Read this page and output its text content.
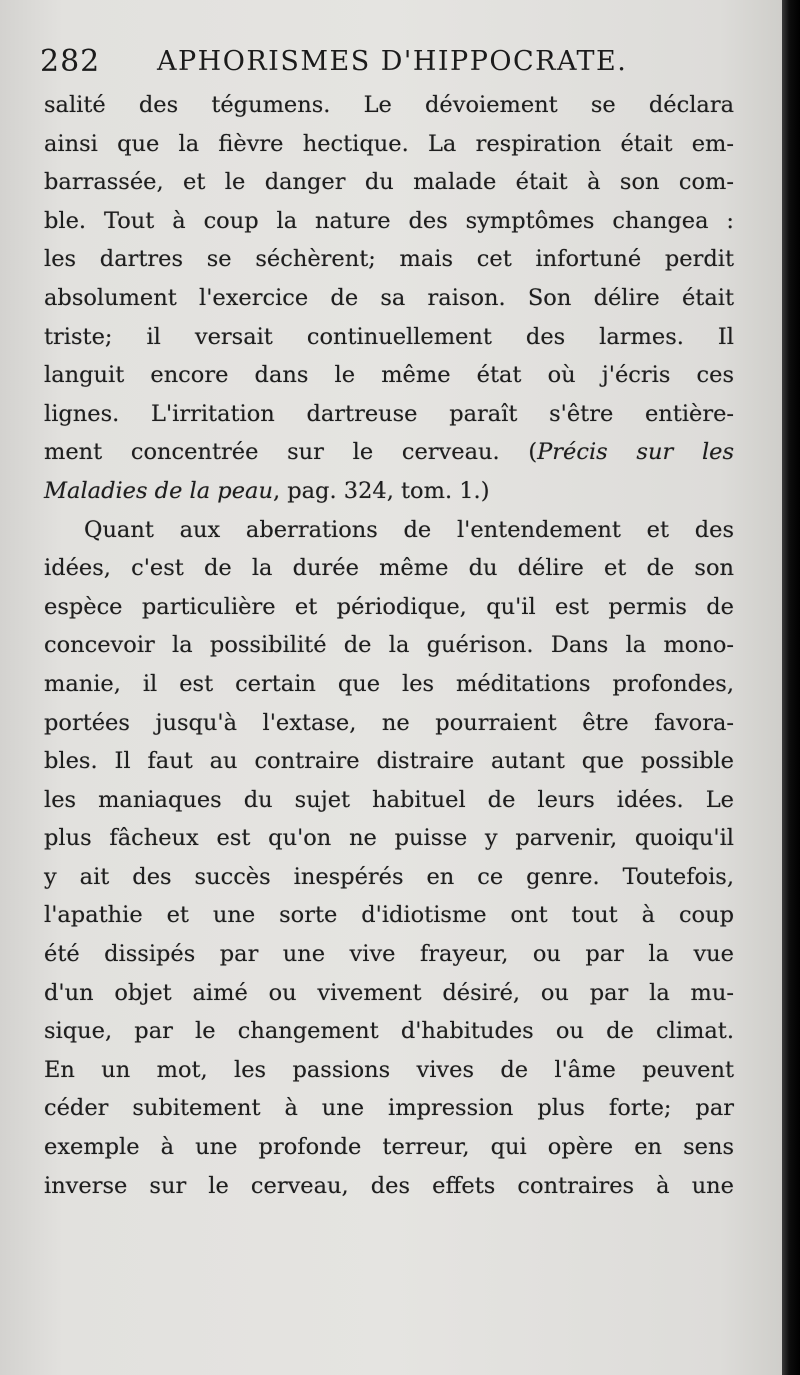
282 APHORISMES D'HIPPOCRATE.
salité des tégumens. Le dévoiement se déclara
ainsi que la fièvre hectique. La respiration était em-
barrassée, et le danger du malade était à son com-
ble. Tout à coup la nature des symptômes changea :
les dartres se séchèrent; mais cet infortuné perdit
absolument l'exercice de sa raison. Son délire était
triste; il versait continuellement des larmes. Il
languit encore dans le même état où j'écris ces
lignes. L'irritation dartreuse paraît s'être entière-
ment concentrée sur le cerveau. (Précis sur les
Maladies de la peau, pag. 324, tom. 1.)
Quant aux aberrations de l'entendement et des
idées, c'est de la durée même du délire et de son
espèce particulière et périodique, qu'il est permis de
concevoir la possibilité de la guérison. Dans la mono-
manie, il est certain que les méditations profondes,
portées jusqu'à l'extase, ne pourraient être favora-
bles. Il faut au contraire distraire autant que possible
les maniaques du sujet habituel de leurs idées. Le
plus fâcheux est qu'on ne puisse y parvenir, quoiqu'il
y ait des succès inespérés en ce genre. Toutefois,
l'apathie et une sorte d'idiotisme ont tout à coup
été dissipés par une vive frayeur, ou par la vue
d'un objet aimé ou vivement désiré, ou par la mu-
sique, par le changement d'habitudes ou de climat.
En un mot, les passions vives de l'âme peuvent
céder subitement à une impression plus forte; par
exemple à une profonde terreur, qui opère en sens
inverse sur le cerveau, des effets contraires à une
